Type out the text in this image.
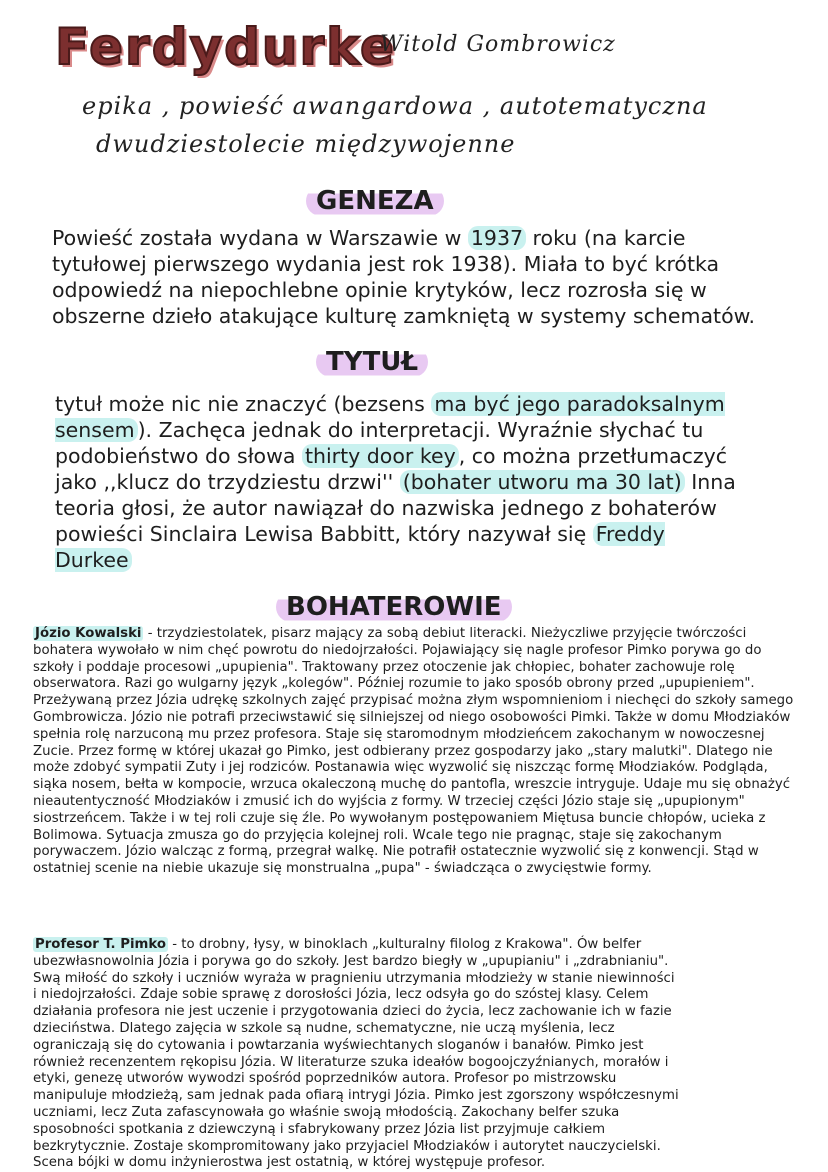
Ferdydurke
Witold Gombrowicz
epika , powieść awangardowa , autotematyczna
dwudziestolecie międzywojenne
GENEZA
Powieść została wydana w Warszawie w 1937 roku (na karcie tytułowej pierwszego wydania jest rok 1938). Miała to być krótka odpowiedź na niepochlebne opinie krytyków, lecz rozrosła się w obszerne dzieło atakujące kulturę zamkniętą w systemy schematów.
TYTUŁ
tytuł może nic nie znaczyć (bezsens ma być jego paradoksalnym sensem ). Zachęca jednak do interpretacji. Wyraźnie słychać tu podobieństwo do słowa thirty door key , co można przetłumaczyć jako ,,klucz do trzydziestu drzwi'' (bohater utworu ma 30 lat) Inna teoria głosi, że autor nawiązał do nazwiska jednego z bohaterów powieści Sinclaira Lewisa Babbitt, który nazywał się Freddy Durkee
BOHATEROWIE

Józio Kowalski - trzydziestolatek, pisarz mający za sobą debiut literacki. Nieżyczliwe przyjęcie twórczości bohatera wywołało w nim chęć powrotu do niedojrzałości. Pojawiający się nagle profesor Pimko porywa go do szkoły i poddaje procesowi „upupienia". Traktowany przez otoczenie jak chłopiec, bohater zachowuje rolę obserwatora. Razi go wulgarny język „kolegów". Później rozumie to jako sposób obrony przed „upupieniem". Przeżywaną przez Józia udrękę szkolnych zajęć przypisać można złym wspomnieniom i niechęci do szkoły samego Gombrowicza. Józio nie potrafi przeciwstawić się silniejszej od niego osobowości Pimki. Także w domu Młodziaków spełnia rolę narzuconą mu przez profesora. Staje się staromodnym młodzieńcem zakochanym w nowoczesnej Zucie. Przez formę w której ukazał go Pimko, jest odbierany przez gospodarzy jako „stary malutki". Dlatego nie może zdobyć sympatii Zuty i jej rodziców. Postanawia więc wyzwolić się niszcząc formę Młodziaków. Podgląda, siąka nosem, bełta w kompocie, wrzuca okaleczoną muchę do pantofla, wreszcie intryguje. Udaje mu się obnażyć nieautentyczność Młodziaków i zmusić ich do wyjścia z formy. W trzeciej części Józio staje się „upupionym" siostrzeńcem. Także i w tej roli czuje się źle. Po wywołanym postępowaniem Miętusa buncie chłopów, ucieka z Bolimowa. Sytuacja zmusza go do przyjęcia kolejnej roli. Wcale tego nie pragnąc, staje się zakochanym porywaczem. Józio walcząc z formą, przegrał walkę. Nie potrafił ostatecznie wyzwolić się z konwencji. Stąd w ostatniej scenie na niebie ukazuje się monstrualna „pupa" - świadcząca o zwycięstwie formy.

Profesor T. Pimko - to drobny, łysy, w binoklach „kulturalny filolog z Krakowa". Ów belfer ubezwłasnowolnia Józia i porywa go do szkoły. Jest bardzo biegły w „upupianiu" i „zdrabnianiu". Swą miłość do szkoły i uczniów wyraża w pragnieniu utrzymania młodzieży w stanie niewinności i niedojrzałości. Zdaje sobie sprawę z dorosłości Józia, lecz odsyła go do szóstej klasy. Celem działania profesora nie jest uczenie i przygotowania dzieci do życia, lecz zachowanie ich w fazie dzieciństwa. Dlatego zajęcia w szkole są nudne, schematyczne, nie uczą myślenia, lecz ograniczają się do cytowania i powtarzania wyświechtanych sloganów i banałów. Pimko jest również recenzentem rękopisu Józia. W literaturze szuka ideałów bogoojczyźnianych, morałów i etyki, genezę utworów wywodzi spośród poprzedników autora. Profesor po mistrzowsku manipuluje młodzieżą, sam jednak pada ofiarą intrygi Józia. Pimko jest zgorszony współczesnymi uczniami, lecz Zuta zafascynowała go właśnie swoją młodością. Zakochany belfer szuka sposobności spotkania z dziewczyną i sfabrykowany przez Józia list przyjmuje całkiem bezkrytycznie. Zostaje skompromitowany jako przyjaciel Młodziaków i autorytet nauczycielski. Scena bójki w domu inżynierostwa jest ostatnią, w której występuje profesor.
